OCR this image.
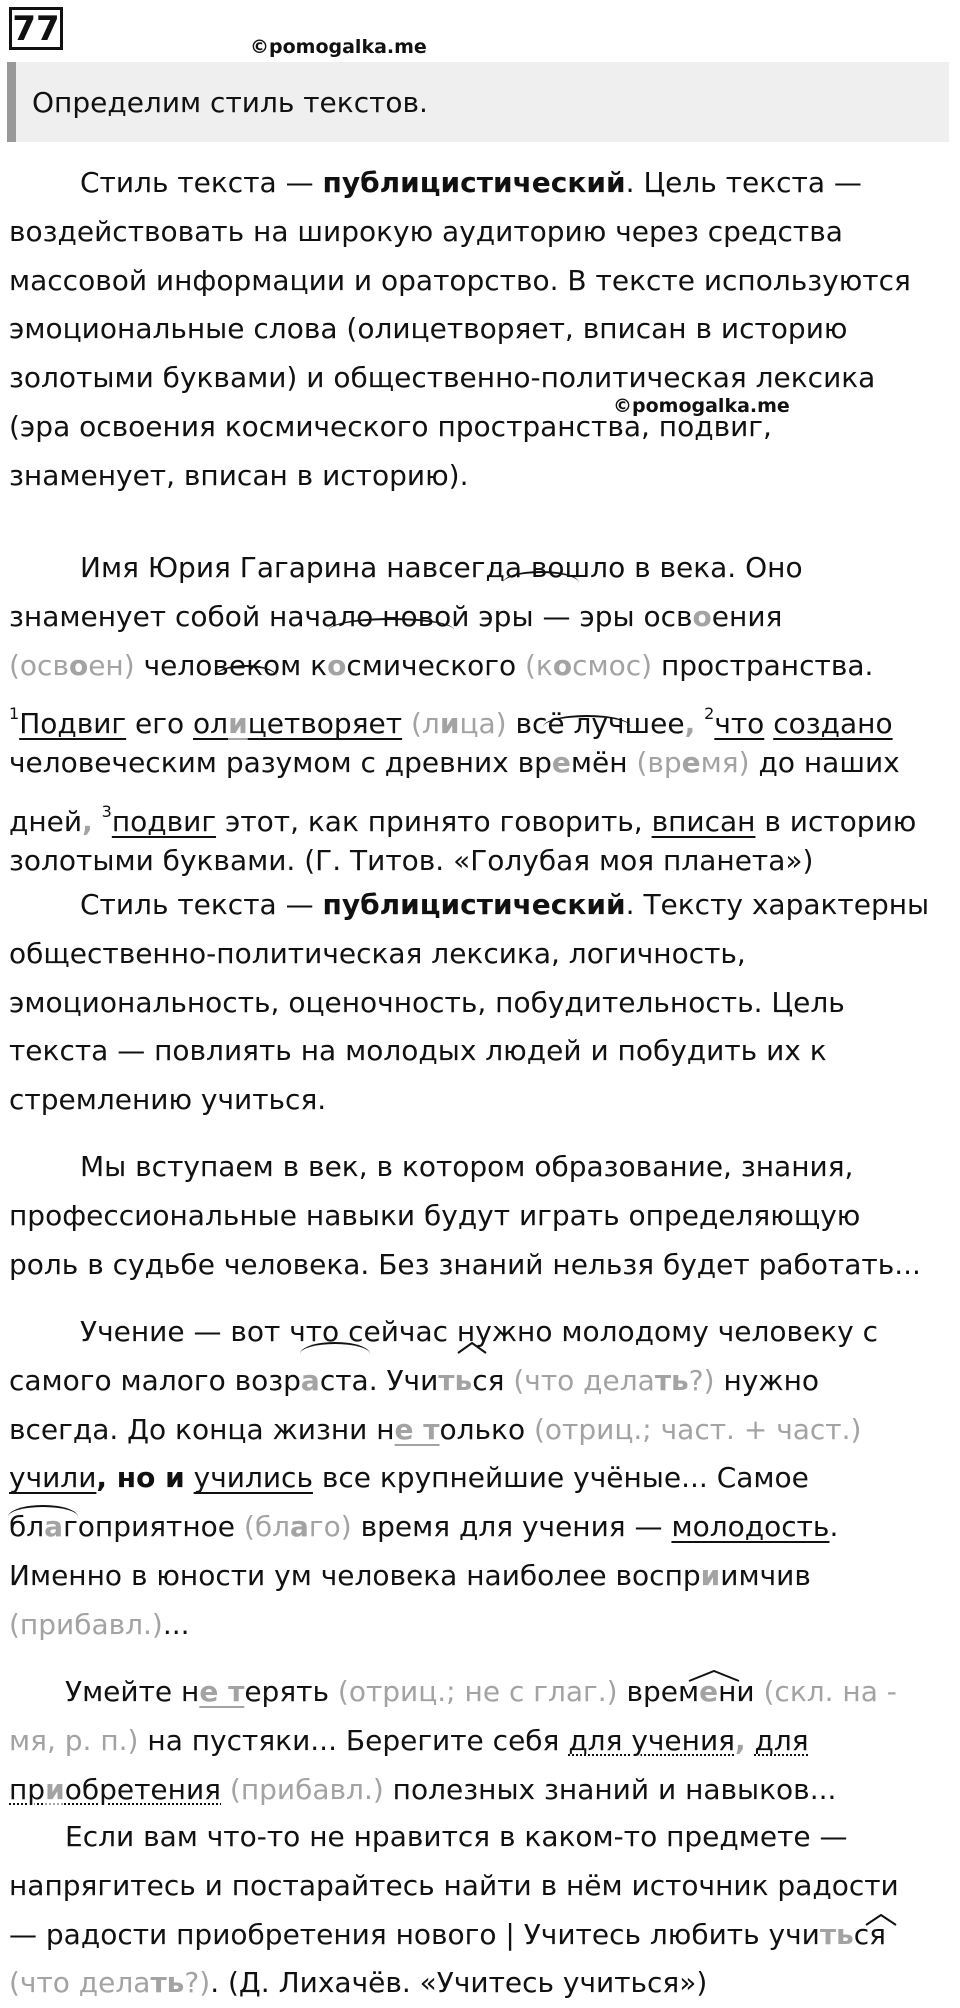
77	©pomogalka.me
Определим стиль текстов.
Стиль текста — публицистический. Цель текста —
воздействовать на широкую аудиторию через средства
массовой информации и ораторство. В тексте используются
эмоциональные слова (олицетворяет, вписан в историю
золотыми буквами) и общественно-политическая лексика
(эра освоения космического пространства, подвиг,
знаменует, вписан в историю).
©pomogalka.me
Имя Юрия Гагарина навсегда вошло в века. Оно
знаменует собой начало новой эры — эры освоения
(освоен) человеком космического (космос) пространства.
$^1$Подвиг его олицетворяет (лица) всё лучшее, $^2$что создано
человеческим разумом с древних времён (время) до наших
дней, $^3$подвиг этот, как принято говорить, вписан в историю
золотыми буквами. (Г. Титов. «Голубая моя планета»)
Стиль текста — публицистический. Тексту характерны
общественно-политическая лексика, логичность,
эмоциональность, оценочность, побудительность. Цель
текста — повлиять на молодых людей и побудить их к
стремлению учиться.
Мы вступаем в век, в котором образование, знания,
профессиональные навыки будут играть определяющую
роль в судьбе человека. Без знаний нельзя будет работать...
Учение — вот что сейчас нужно молодому человеку с
самого малого возраста. Учиться (что делать?) нужно
всегда. До конца жизни не только (отриц.; част. + част.)
учили, но и учились все крупнейшие учёные... Самое
благоприятное (благо) время для учения — молодость.
Именно в юности ум человека наиболее восприимчив
(прибавл.)...
Умейте не терять (отриц.; не с глаг.) времени (скл. на -
мя, р. п.) на пустяки... Берегите себя для учения, для
приобретения (прибавл.) полезных знаний и навыков...
Если вам что-то не нравится в каком-то предмете —
напрягитесь и постарайтесь найти в нём источник радости
— радости приобретения нового | Учитесь любить учиться
(что делать?). (Д. Лихачёв. «Учитесь учиться»)
